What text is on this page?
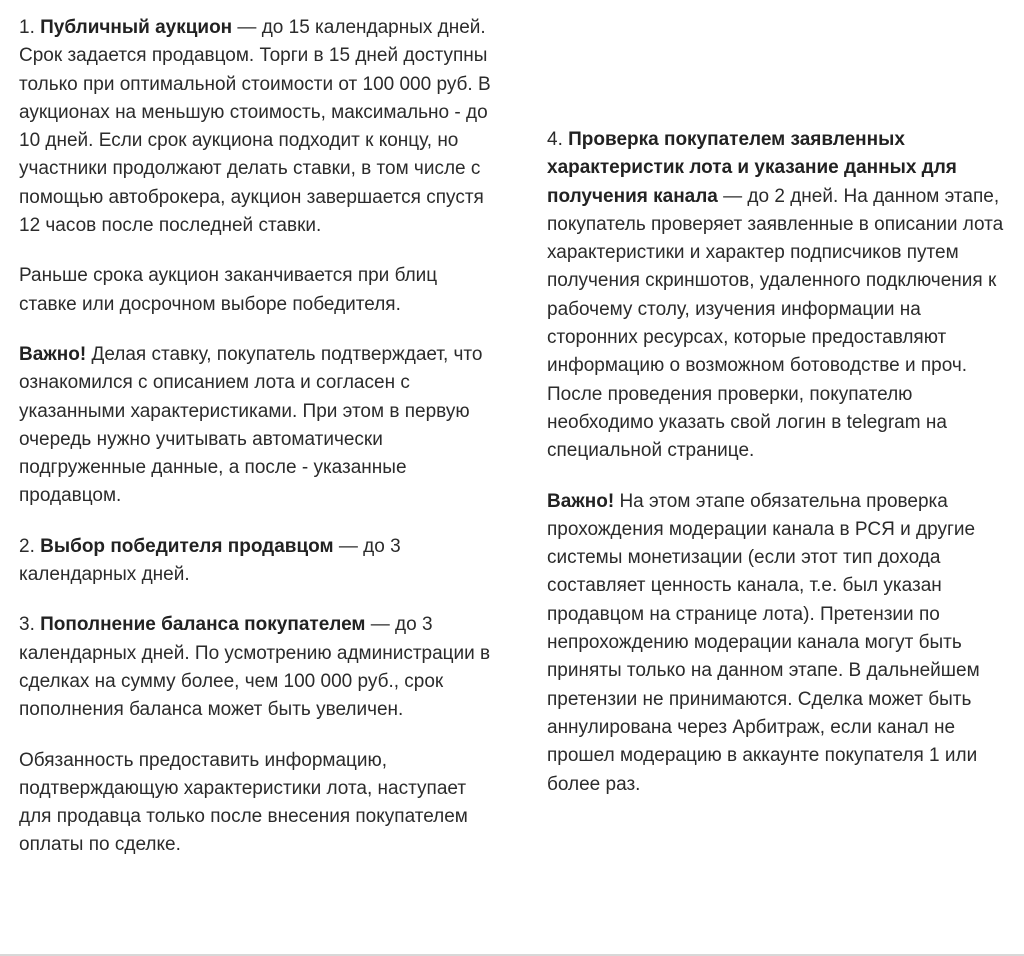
1. Публичный аукцион — до 15 календарных дней. Срок задается продавцом. Торги в 15 дней доступны только при оптимальной стоимости от 100 000 руб. В аукционах на меньшую стоимость, максимально - до 10 дней. Если срок аукциона подходит к концу, но участники продолжают делать ставки, в том числе с помощью автоброкера, аукцион завершается спустя 12 часов после последней ставки.

Раньше срока аукцион заканчивается при блиц ставке или досрочном выборе победителя.

Важно! Делая ставку, покупатель подтверждает, что ознакомился с описанием лота и согласен с указанными характеристиками. При этом в первую очередь нужно учитывать автоматически подгруженные данные, а после - указанные продавцом.

2. Выбор победителя продавцом — до 3 календарных дней.

3. Пополнение баланса покупателем — до 3 календарных дней. По усмотрению администрации в сделках на сумму более, чем 100 000 руб., срок пополнения баланса может быть увеличен.

Обязанность предоставить информацию, подтверждающую характеристики лота, наступает для продавца только после внесения покупателем оплаты по сделке.

4. Проверка покупателем заявленных характеристик лота и указание данных для получения канала — до 2 дней. На данном этапе, покупатель проверяет заявленные в описании лота характеристики и характер подписчиков путем получения скриншотов, удаленного подключения к рабочему столу, изучения информации на сторонних ресурсах, которые предоставляют информацию о возможном ботоводстве и проч. После проведения проверки, покупателю необходимо указать свой логин в telegram на специальной странице.

Важно! На этом этапе обязательна проверка прохождения модерации канала в РСЯ и другие системы монетизации (если этот тип дохода составляет ценность канала, т.е. был указан продавцом на странице лота). Претензии по непрохождению модерации канала могут быть приняты только на данном этапе. В дальнейшем претензии не принимаются. Сделка может быть аннулирована через Арбитраж, если канал не прошел модерацию в аккаунте покупателя 1 или более раз.
